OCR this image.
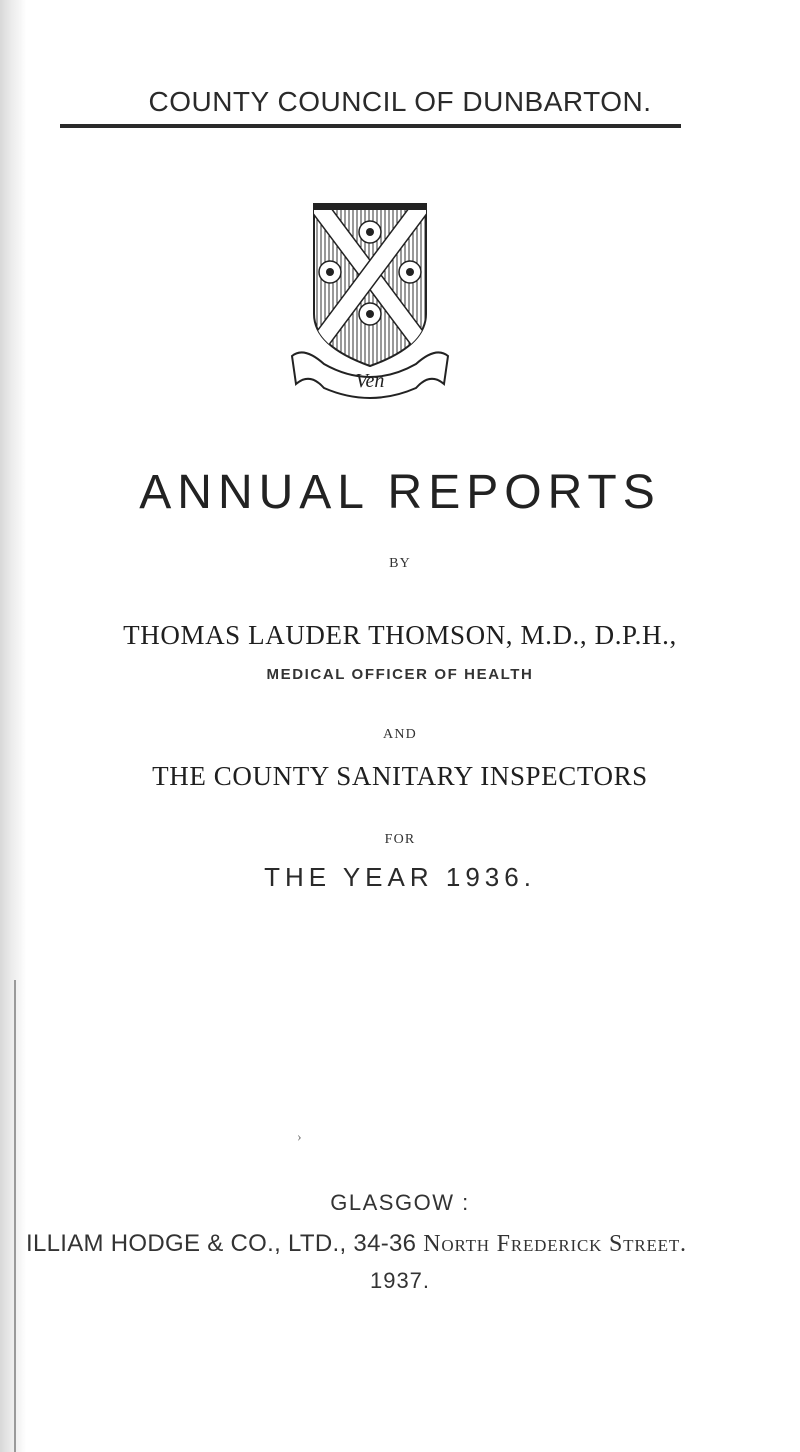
COUNTY COUNCIL OF DUNBARTON.
Ven
ANNUAL REPORTS
BY
THOMAS LAUDER THOMSON, M.D., D.P.H.,
MEDICAL OFFICER OF HEALTH
AND
THE COUNTY SANITARY INSPECTORS
FOR
THE YEAR 1936.
›
GLASGOW :
ILLIAM HODGE & CO., LTD., 34-36 North Frederick Street.
1937.
